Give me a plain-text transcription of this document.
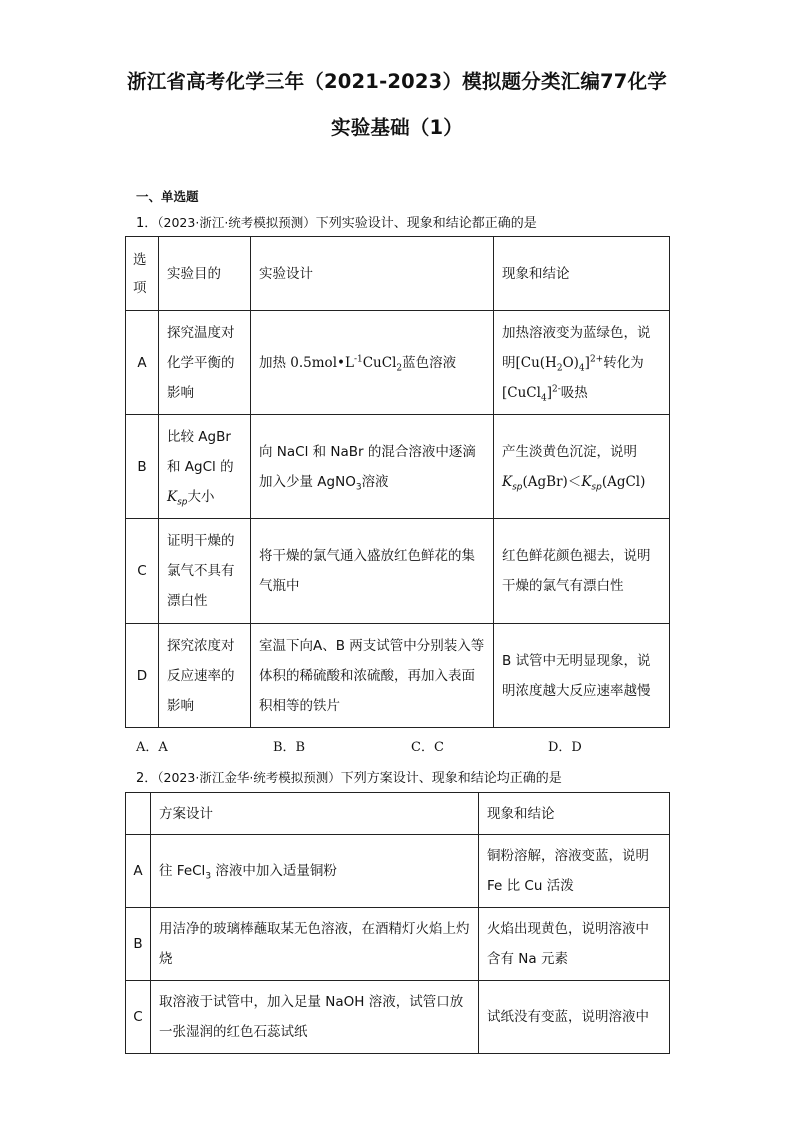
浙江省高考化学三年（2021-2023）模拟题分类汇编77化学
实验基础（1）
一、单选题
1．（2023·浙江·统考模拟预测）下列实验设计、现象和结论都正确的是
选项	实验目的	实验设计	现象和结论
A	探究温度对化学平衡的影响	加热 $0.5mol•L^{-1}CuCl_2$蓝色溶液	加热溶液变为蓝绿色，说明$[Cu(H_2O)_4]^{2+}$转化为[CuCl$_4$]$^{2-}$吸热
B	比较 AgBr 和 AgCl 的 $K_{sp}$大小	向 NaCl 和 NaBr 的混合溶液中逐滴加入少量 AgNO$_3$溶液	产生淡黄色沉淀，说明$K_{sp}(AgBr)<K_{sp}(AgCl)$
C	证明干燥的氯气不具有漂白性	将干燥的氯气通入盛放红色鲜花的集气瓶中	红色鲜花颜色褪去，说明干燥的氯气有漂白性
D	探究浓度对反应速率的影响	室温下向A、B 两支试管中分别装入等体积的稀硫酸和浓硫酸，再加入表面积相等的铁片	B 试管中无明显现象，说明浓度越大反应速率越慢
A．A	B．B	C．C	D．D
2．（2023·浙江金华·统考模拟预测）下列方案设计、现象和结论均正确的是
	方案设计	现象和结论
A	往 FeCl$_3$ 溶液中加入适量铜粉	铜粉溶解，溶液变蓝，说明 Fe 比 Cu 活泼
B	用洁净的玻璃棒蘸取某无色溶液，在酒精灯火焰上灼烧	火焰出现黄色，说明溶液中含有 Na 元素
C	取溶液于试管中，加入足量 NaOH 溶液，试管口放一张湿润的红色石蕊试纸	试纸没有变蓝，说明溶液中
